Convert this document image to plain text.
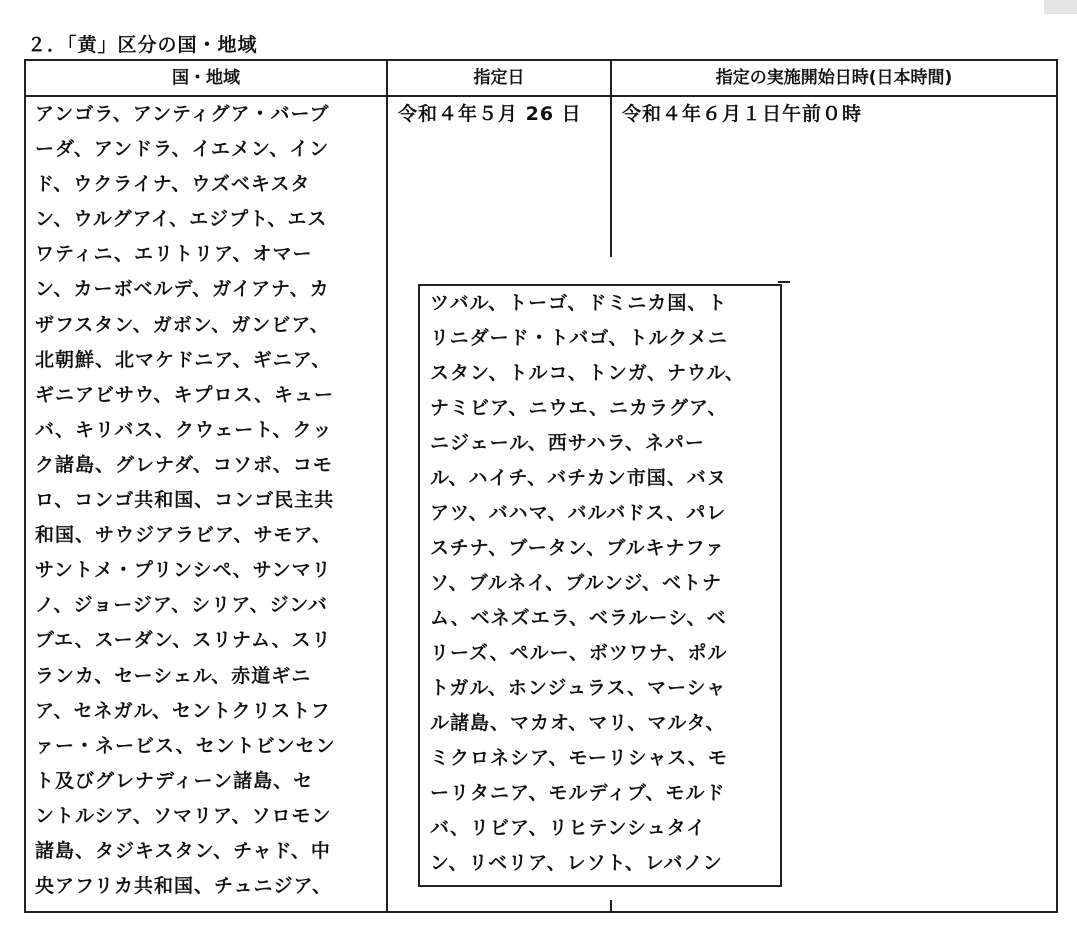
２．「黄」区分の国・地域
国・地域	指定日	指定の実施開始日時(日本時間)
令和４年５月 26 日 令和４年６月１日午前０時
アンゴラ、アンティグア・バーブ
ーダ、アンドラ、イエメン、イン
ド、ウクライナ、ウズベキスタ
ン、ウルグアイ、エジプト、エス
ワティニ、エリトリア、オマー
ン、カーボベルデ、ガイアナ、カ
ザフスタン、ガボン、ガンビア、
北朝鮮、北マケドニア、ギニア、
ギニアビサウ、キプロス、キュー
バ、キリバス、クウェート、クッ
ク諸島、グレナダ、コソボ、コモ
ロ、コンゴ共和国、コンゴ民主共
和国、サウジアラビア、サモア、
サントメ・プリンシペ、サンマリ
ノ、ジョージア、シリア、ジンバ
ブエ、スーダン、スリナム、スリ
ランカ、セーシェル、赤道ギニ
ア、セネガル、セントクリストフ
ァー・ネービス、セントビンセン
ト及びグレナディーン諸島、セ
ントルシア、ソマリア、ソロモン
諸島、タジキスタン、チャド、中
央アフリカ共和国、チュニジア、
ツバル、トーゴ、ドミニカ国、ト
リニダード・トバゴ、トルクメニ
スタン、トルコ、トンガ、ナウル、
ナミビア、ニウエ、ニカラグア、
ニジェール、西サハラ、ネパー
ル、ハイチ、バチカン市国、バヌ
アツ、バハマ、バルバドス、パレ
スチナ、ブータン、ブルキナファ
ソ、ブルネイ、ブルンジ、ベトナ
ム、ベネズエラ、ベラルーシ、ベ
リーズ、ペルー、ボツワナ、ポル
トガル、ホンジュラス、マーシャ
ル諸島、マカオ、マリ、マルタ、
ミクロネシア、モーリシャス、モ
ーリタニア、モルディブ、モルド
バ、リビア、リヒテンシュタイ
ン、リベリア、レソト、レバノン
